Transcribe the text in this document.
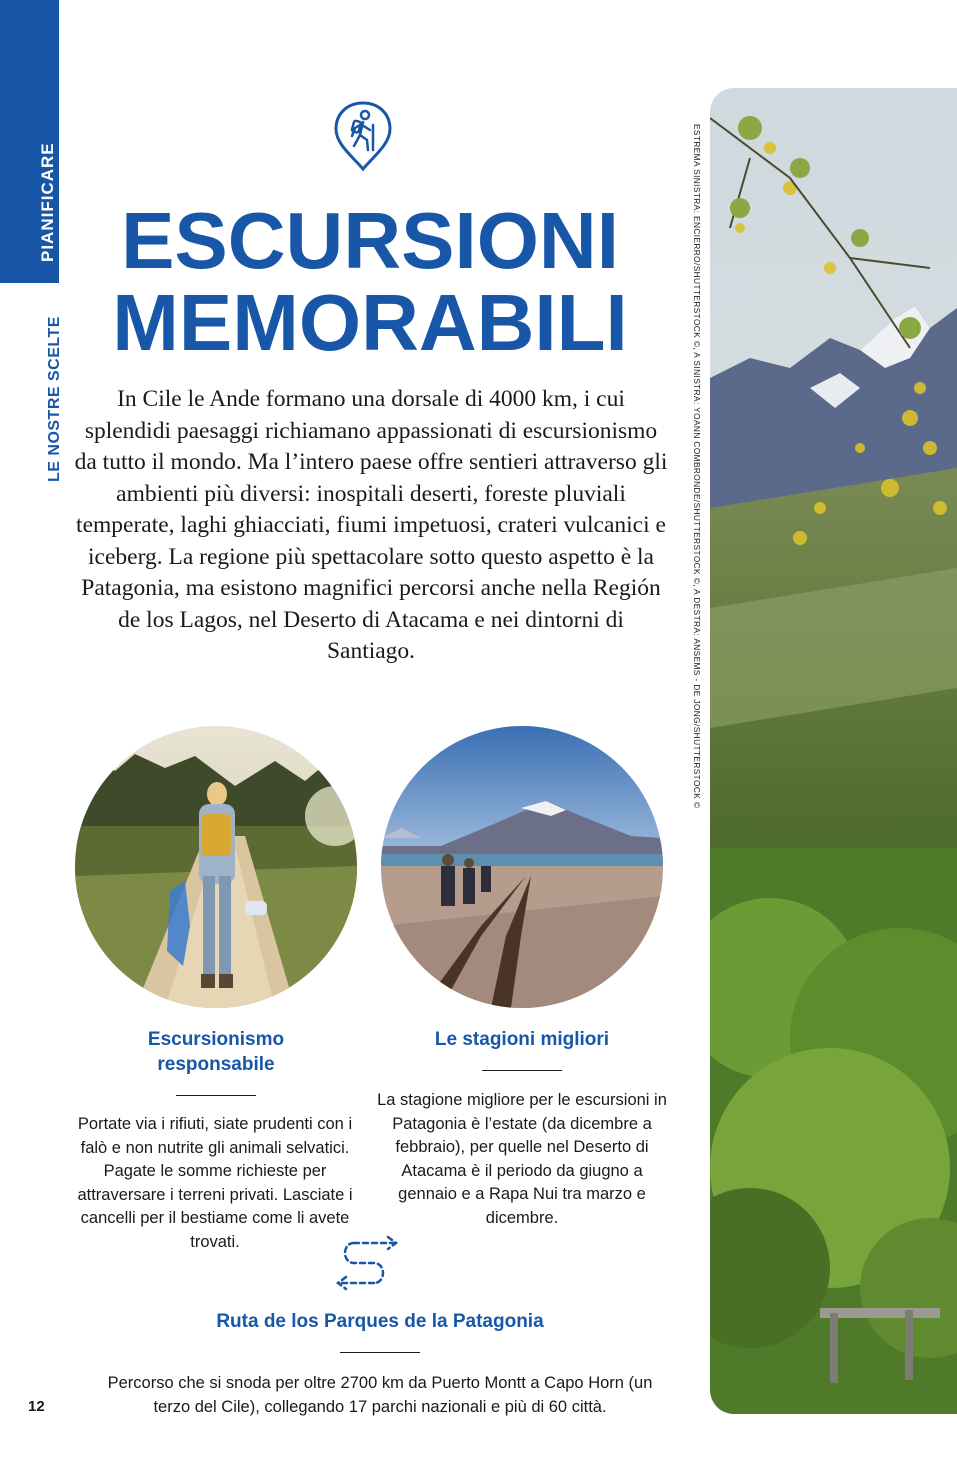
PIANIFICARE
LE NOSTRE SCELTE
12
ESCURSIONI
MEMORABILI
In Cile le Ande formano una dorsale di 4000 km, i cui splendidi paesaggi richiamano appassionati di escursionismo da tutto il mondo. Ma l’intero paese offre sentieri attraverso gli ambienti più diversi: inospitali deserti, foreste pluviali temperate, laghi ghiacciati, fiumi impetuosi, crateri vulcanici e iceberg. La regione più spettacolare sotto questo aspetto è la Patagonia, ma esistono magnifici percorsi anche nella Región de los Lagos, nel Deserto di Atacama e nei dintorni di Santiago.
Escursionismo
responsabile
Portate via i rifiuti, siate prudenti con i falò e non nutrite gli animali selvatici. Pagate le somme richieste per attraversare i terreni privati. Lasciate i cancelli per il bestiame come li avete trovati.
Le stagioni migliori
La stagione migliore per le escursioni in Patagonia è l’estate (da dicembre a febbraio), per quelle nel Deserto di Atacama è il periodo da giugno a gennaio e a Rapa Nui tra marzo e dicembre.
Ruta de los Parques de la Patagonia
Percorso che si snoda per oltre 2700 km da Puerto Montt a Capo Horn (un terzo del Cile), collegando 17 parchi nazionali e più di 60 città.
ESTREMA SINISTRA: ENCIERRO/SHUTTERSTOCK ©, A SINISTRA: YOANN COMBRONDE/SHUTTERSTOCK ©, A DESTRA: ANSEMS - DE JONG/SHUTTERSTOCK ©
